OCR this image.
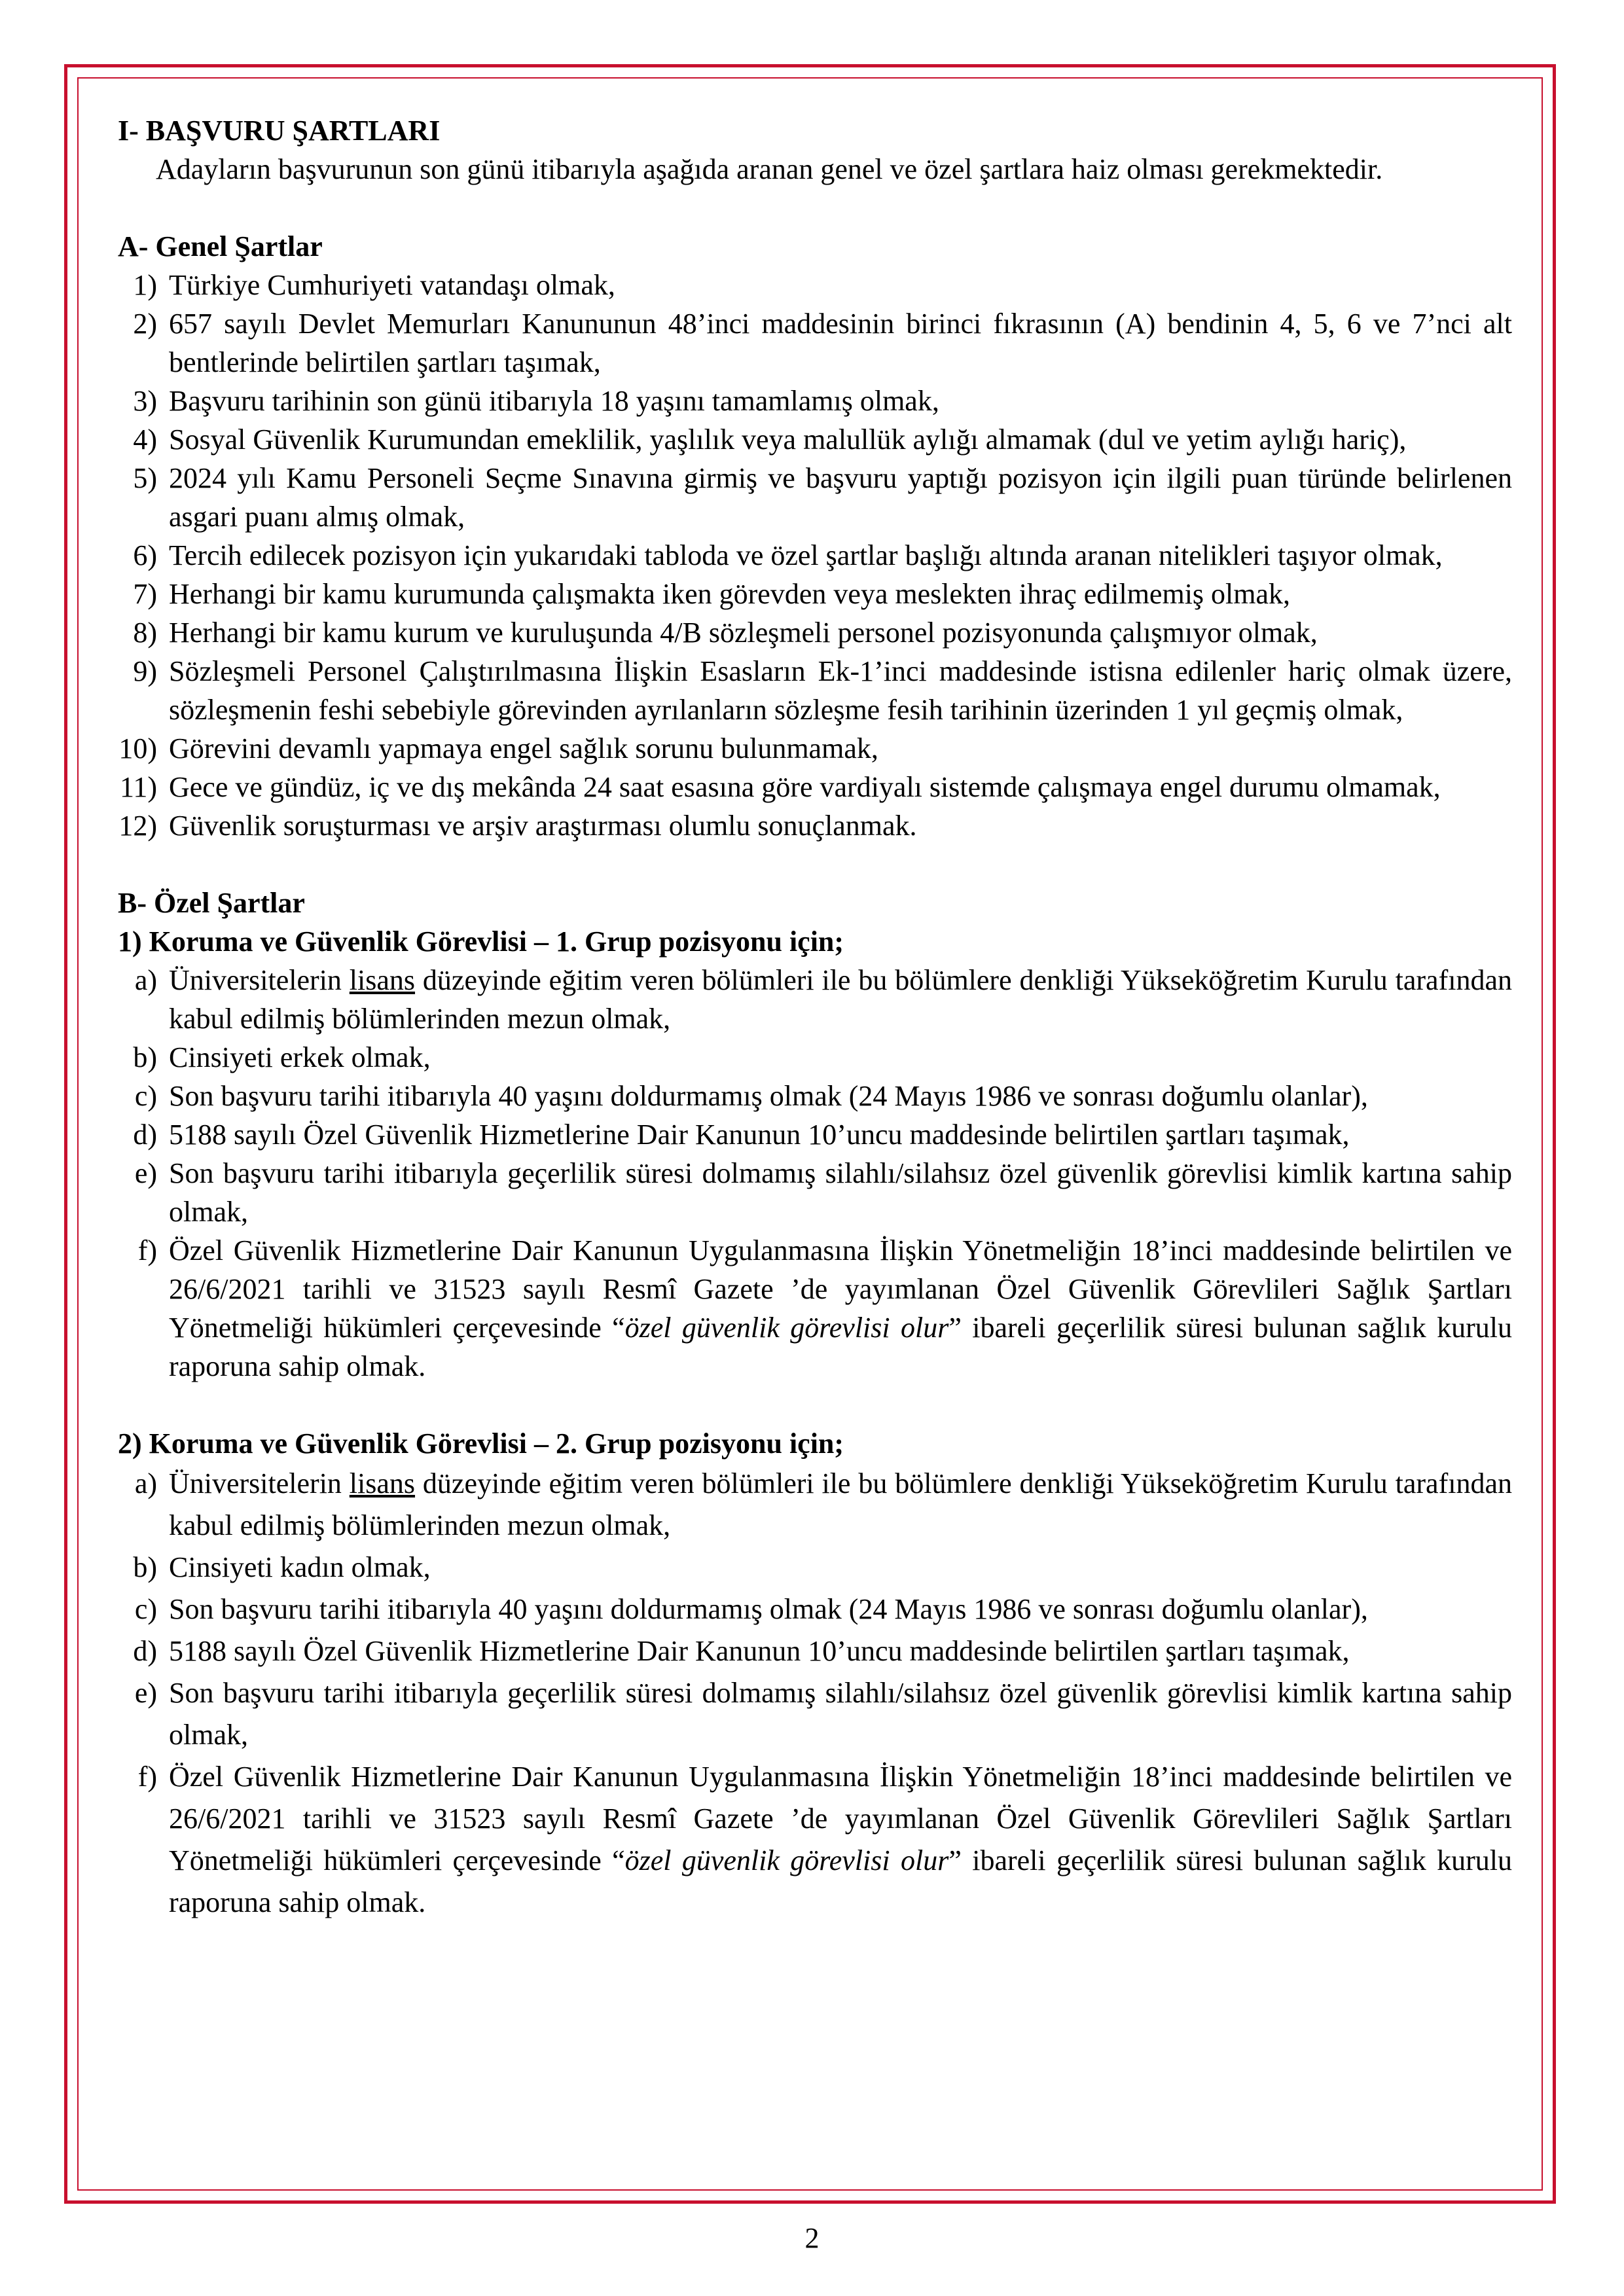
I- BAŞVURU ŞARTLARI

Adayların başvurunun son günü itibarıyla aşağıda aranan genel ve özel şartlara haiz olması gerekmektedir.

A- Genel Şartlar

1) Türkiye Cumhuriyeti vatandaşı olmak,
2) 657 sayılı Devlet Memurları Kanununun 48’inci maddesinin birinci fıkrasının (A) bendinin 4, 5, 6 ve 7’nci alt bentlerinde belirtilen şartları taşımak,
3) Başvuru tarihinin son günü itibarıyla 18 yaşını tamamlamış olmak,
4) Sosyal Güvenlik Kurumundan emeklilik, yaşlılık veya malullük aylığı almamak (dul ve yetim aylığı hariç),
5) 2024 yılı Kamu Personeli Seçme Sınavına girmiş ve başvuru yaptığı pozisyon için ilgili puan türünde belirlenen asgari puanı almış olmak,
6) Tercih edilecek pozisyon için yukarıdaki tabloda ve özel şartlar başlığı altında aranan nitelikleri taşıyor olmak,
7) Herhangi bir kamu kurumunda çalışmakta iken görevden veya meslekten ihraç edilmemiş olmak,
8) Herhangi bir kamu kurum ve kuruluşunda 4/B sözleşmeli personel pozisyonunda çalışmıyor olmak,
9) Sözleşmeli Personel Çalıştırılmasına İlişkin Esasların Ek-1’inci maddesinde istisna edilenler hariç olmak üzere, sözleşmenin feshi sebebiyle görevinden ayrılanların sözleşme fesih tarihinin üzerinden 1 yıl geçmiş olmak,
10) Görevini devamlı yapmaya engel sağlık sorunu bulunmamak,
11) Gece ve gündüz, iç ve dış mekânda 24 saat esasına göre vardiyalı sistemde çalışmaya engel durumu olmamak,
12) Güvenlik soruşturması ve arşiv araştırması olumlu sonuçlanmak.

B- Özel Şartlar

1) Koruma ve Güvenlik Görevlisi – 1. Grup pozisyonu için;

a) Üniversitelerin lisans düzeyinde eğitim veren bölümleri ile bu bölümlere denkliği Yükseköğretim Kurulu tarafından kabul edilmiş bölümlerinden mezun olmak,
b) Cinsiyeti erkek olmak,
c) Son başvuru tarihi itibarıyla 40 yaşını doldurmamış olmak (24 Mayıs 1986 ve sonrası doğumlu olanlar),
d) 5188 sayılı Özel Güvenlik Hizmetlerine Dair Kanunun 10’uncu maddesinde belirtilen şartları taşımak,
e) Son başvuru tarihi itibarıyla geçerlilik süresi dolmamış silahlı/silahsız özel güvenlik görevlisi kimlik kartına sahip olmak,
f) Özel Güvenlik Hizmetlerine Dair Kanunun Uygulanmasına İlişkin Yönetmeliğin 18’inci maddesinde belirtilen ve 26/6/2021 tarihli ve 31523 sayılı Resmî Gazete ’de yayımlanan Özel Güvenlik Görevlileri Sağlık Şartları Yönetmeliği hükümleri çerçevesinde “özel güvenlik görevlisi olur” ibareli geçerlilik süresi bulunan sağlık kurulu raporuna sahip olmak.

2) Koruma ve Güvenlik Görevlisi – 2. Grup pozisyonu için;

a) Üniversitelerin lisans düzeyinde eğitim veren bölümleri ile bu bölümlere denkliği Yükseköğretim Kurulu tarafından kabul edilmiş bölümlerinden mezun olmak,
b) Cinsiyeti kadın olmak,
c) Son başvuru tarihi itibarıyla 40 yaşını doldurmamış olmak (24 Mayıs 1986 ve sonrası doğumlu olanlar),
d) 5188 sayılı Özel Güvenlik Hizmetlerine Dair Kanunun 10’uncu maddesinde belirtilen şartları taşımak,
e) Son başvuru tarihi itibarıyla geçerlilik süresi dolmamış silahlı/silahsız özel güvenlik görevlisi kimlik kartına sahip olmak,
f) Özel Güvenlik Hizmetlerine Dair Kanunun Uygulanmasına İlişkin Yönetmeliğin 18’inci maddesinde belirtilen ve 26/6/2021 tarihli ve 31523 sayılı Resmî Gazete ’de yayımlanan Özel Güvenlik Görevlileri Sağlık Şartları Yönetmeliği hükümleri çerçevesinde “özel güvenlik görevlisi olur” ibareli geçerlilik süresi bulunan sağlık kurulu raporuna sahip olmak.
2
